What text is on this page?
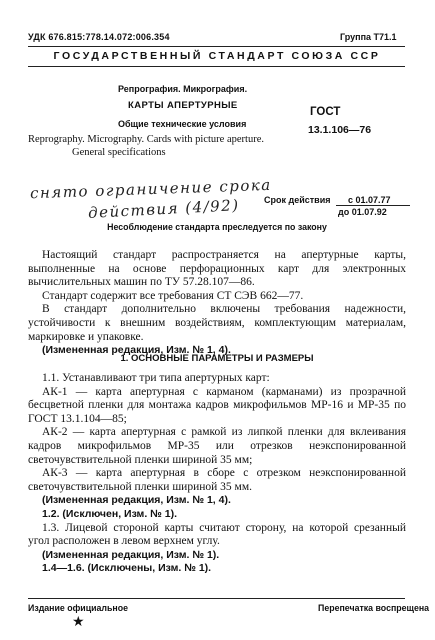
УДК 676.815:778.14.072:006.354	Группа Т71.1
ГОСУДАРСТВЕННЫЙ СТАНДАРТ СОЮЗА ССР
Репрография. Микрография.
КАРТЫ АПЕРТУРНЫЕ
Общие технические условия
Reprography. Micrography. Cards with picture aperture.
General specifications
ГОСТ
13.1.106—76
снято ограничение срока
действия (4/92)	Срок действия с 01.07.77
до 01.07.92
Несоблюдение стандарта преследуется по закону

Настоящий стандарт распространяется на апертурные карты, выполненные на основе перфорационных карт для электронных вычислительных машин по ТУ 57.28.107—86.

Стандарт содержит все требования СТ СЭВ 662—77.

В стандарт дополнительно включены требования надежности, устойчивости к внешним воздействиям, комплектующим материалам, маркировке и упаковке.

(Измененная редакция, Изм. № 1, 4).

1. ОСНОВНЫЕ ПАРАМЕТРЫ И РАЗМЕРЫ

1.1. Устанавливают три типа апертурных карт:

АК-1 — карта апертурная с карманом (карманами) из прозрачной бесцветной пленки для монтажа кадров микрофильмов МР-16 и МР-35 по ГОСТ 13.1.104—85;

АК-2 — карта апертурная с рамкой из липкой пленки для вклеивания кадров микрофильмов МР-35 или отрезков неэкспонированной светочувствительной пленки шириной 35 мм;

АК-3 — карта апертурная в сборе с отрезком неэкспонированной светочувствительной пленки шириной 35 мм.

(Измененная редакция, Изм. № 1, 4).

1.2. (Исключен, Изм. № 1).

1.3. Лицевой стороной карты считают сторону, на которой срезанный угол расположен в левом верхнем углу.

(Измененная редакция, Изм. № 1).

1.4—1.6. (Исключены, Изм. № 1).

Издание официальное	Перепечатка воспрещена
★
